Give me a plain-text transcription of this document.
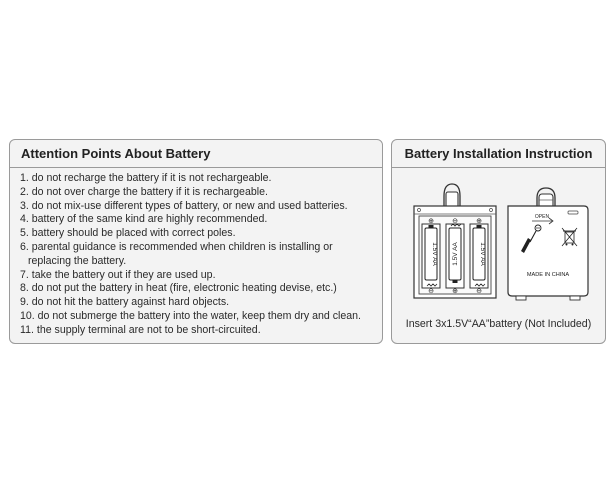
Attention Points About Battery
1. do not recharge the battery if it is not rechargeable.
2. do not over charge the battery if it is rechargeable.
3. do not mix-use different types of battery, or new and used batteries.
4. battery of the same kind are highly recommended.
5. battery should be placed with correct poles.
6. parental guidance is recommended when children is installing or
replacing the battery.
7. take the battery out if they are used up.
8. do not put the battery in heat (fire, electronic heating devise, etc.)
9. do not hit the battery against hard objects.
10. do not submerge the battery into the water, keep them dry and clean.
11. the supply terminal are not to be short-circuited.
Battery Installation Instruction
1.5V AA 1.5V AA	1.5V AA
⊕	⊖	⊕
⊖	⊕	⊖
OPEN
MADE IN CHINA
Insert 3x1.5V“AA”battery (Not Included)
